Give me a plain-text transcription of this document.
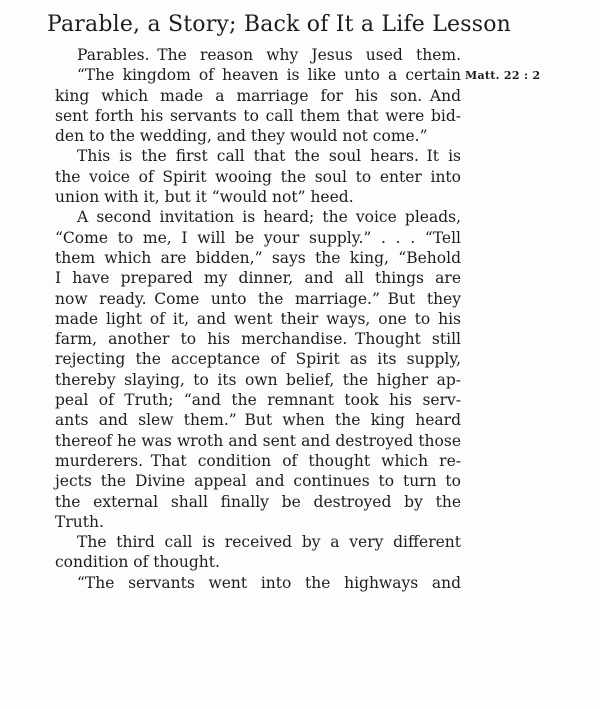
Parable, a Story; Back of It a Life Lesson
Parables. The reason why Jesus used them.
“The kingdom of heaven is like unto a certain
king which made a marriage for his son. And
sent forth his servants to call them that were bid-
den to the wedding, and they would not come.”
This is the first call that the soul hears. It is
the voice of Spirit wooing the soul to enter into
union with it, but it “would not” heed.
A second invitation is heard; the voice pleads,
“Come to me, I will be your supply.” . . . “Tell
them which are bidden,” says the king, “Behold
I have prepared my dinner, and all things are
now ready. Come unto the marriage.” But they
made light of it, and went their ways, one to his
farm, another to his merchandise. Thought still
rejecting the acceptance of Spirit as its supply,
thereby slaying, to its own belief, the higher ap-
peal of Truth; “and the remnant took his serv-
ants and slew them.” But when the king heard
thereof he was wroth and sent and destroyed those
murderers. That condition of thought which re-
jects the Divine appeal and continues to turn to
the external shall finally be destroyed by the
Truth.
The third call is received by a very different
condition of thought.
“The servants went into the highways and
Matt. 22 : 2
